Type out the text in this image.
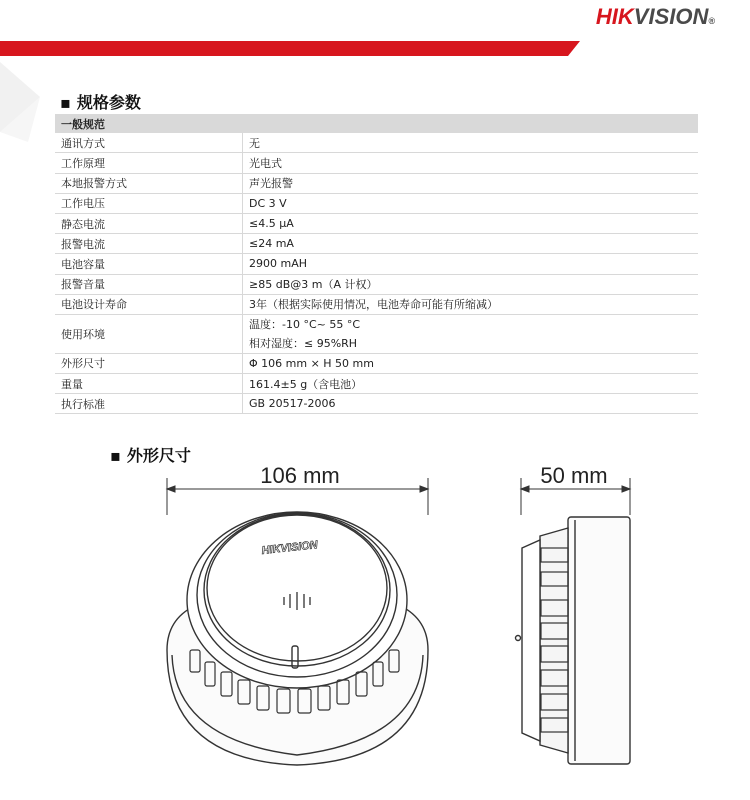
HIKVISION®
▪ 规格参数
一般规范	
通讯方式	无
工作原理	光电式
本地报警方式	声光报警
工作电压	DC 3 V
静态电流	≤4.5 μA
报警电流	≤24 mA
电池容量	2900 mAH
报警音量	≥85 dB@3 m（A 计权）
电池设计寿命	3年（根据实际使用情况，电池寿命可能有所缩减）
使用环境	温度：-10 °C~ 55 °C
相对湿度：≤ 95%RH

外形尺寸	Φ 106 mm × H 50 mm
重量	161.4±5 g（含电池）
执行标准	GB 20517-2006
▪ 外形尺寸
106 mm	50 mm
HIKVISION
